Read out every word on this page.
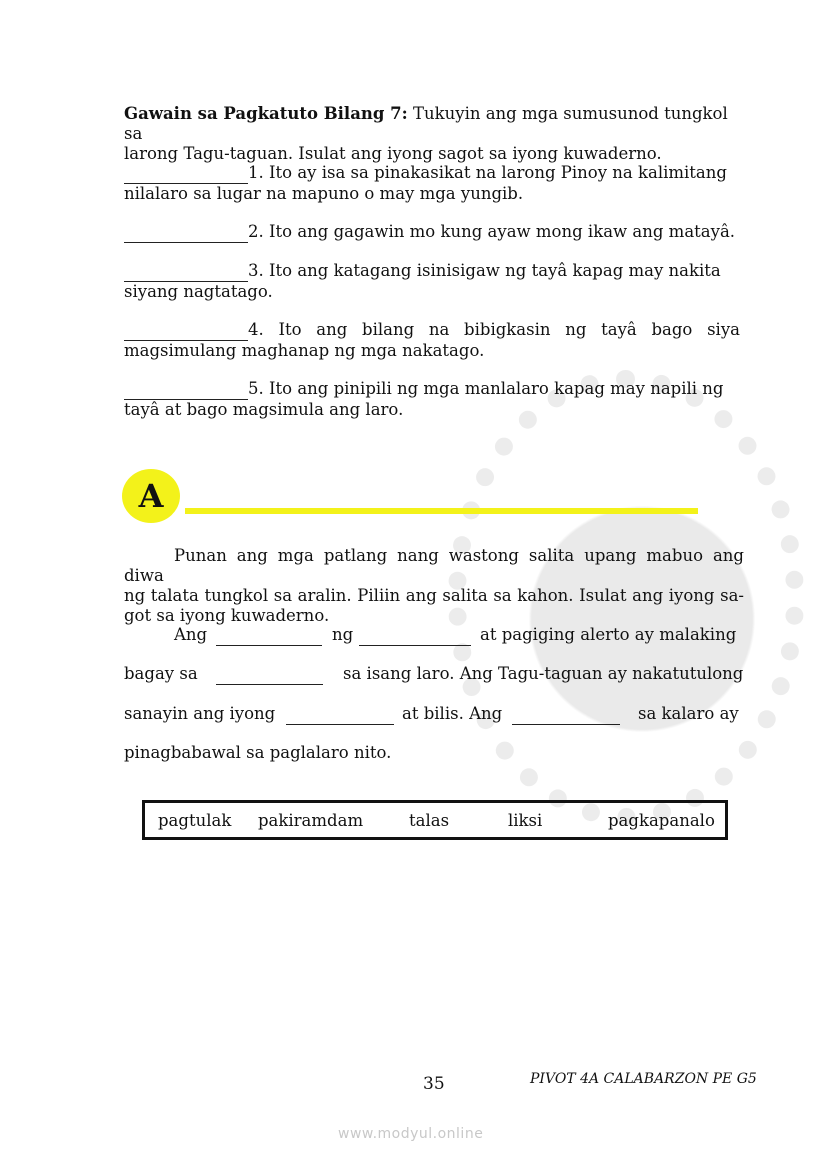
Gawain sa Pagkatuto Bilang 7: Tukuyin ang mga sumusunod tungkol sa
larong Tagu-taguan. Isulat ang iyong sagot sa iyong kuwaderno.
1. Ito ay isa sa pinakasikat na larong Pinoy na kalimitang
nilalaro sa lugar na mapuno o may mga yungib.
2. Ito ang gagawin mo kung ayaw mong ikaw ang matayâ.
3. Ito ang katagang isinisigaw ng tayâ kapag may nakita
siyang nagtatago.

4. Ito ang bilang na bibigkasin ng tayâ bago siya
magsimulang maghanap ng mga nakatago.
5. Ito ang pinipili ng mga manlalaro kapag may napili ng
tayâ at bago magsimula ang laro.
A
Punan ang mga patlang nang wastong salita upang mabuo ang diwa
ng talata tungkol sa aralin. Piliin ang salita sa kahon. Isulat ang iyong sa-
got sa iyong kuwaderno.
Ang
	ng
	at pagiging alerto ay malaking
bagay sa
	sa isang laro. Ang Tagu-taguan ay nakatutulong
sanayin ang iyong
	at bilis. Ang
	sa kalaro ay
pinagbabawal sa paglalaro nito.
pagtulak pakiramdam	talas	liksi	pagkapanalo
35	PIVOT 4A CALABARZON PE G5
www.modyul.online
